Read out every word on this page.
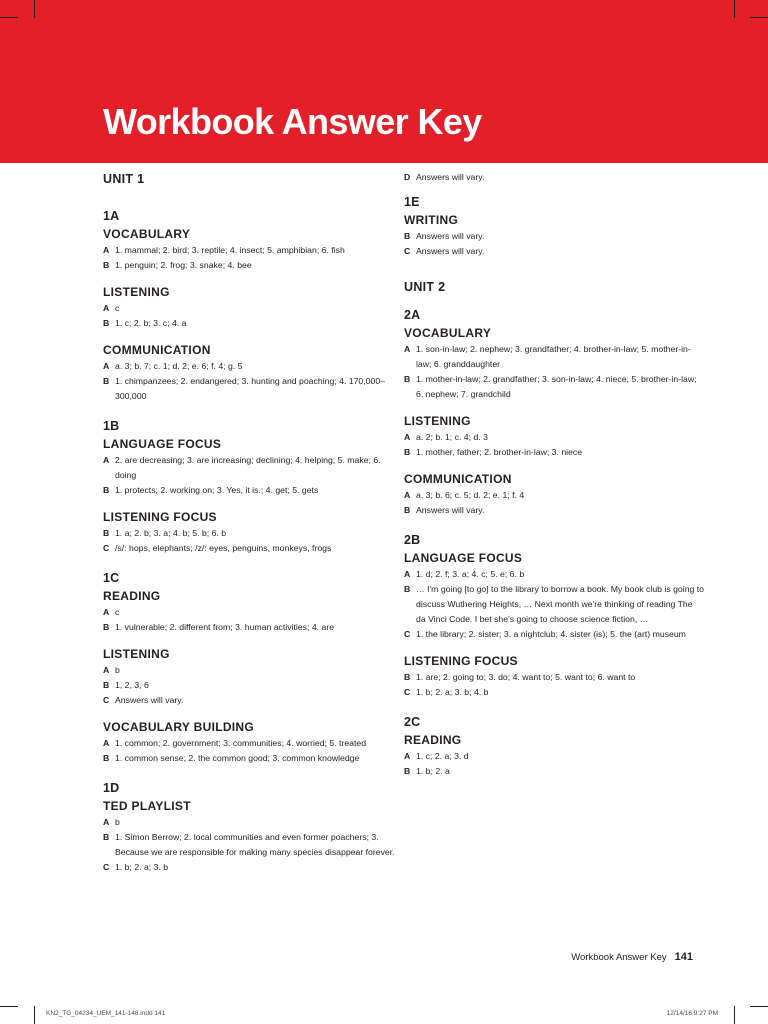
Workbook Answer Key

UNIT 1

1A

VOCABULARY

A 1. mammal; 2. bird; 3. reptile; 4. insect; 5. amphibian; 6. fish

B 1. penguin; 2. frog; 3. snake; 4. bee

LISTENING

A c

B 1. c; 2. b; 3. c; 4. a

COMMUNICATION

A a. 3; b. 7; c. 1; d. 2; e. 6; f. 4; g. 5

B 1. chimpanzees; 2. endangered; 3. hunting and poaching; 4. 170,000–300,000

1B

LANGUAGE FOCUS

A 2. are decreasing; 3. are increasing; declining; 4. helping; 5. make; 6. doing

B 1. protects; 2. working on; 3. Yes, it is.; 4. get; 5. gets

LISTENING FOCUS

B 1. a; 2. b; 3. a; 4. b; 5. b; 6. b

C /s/: hops, elephants; /z/: eyes, penguins, monkeys, frogs

1C

READING

A c

B 1. vulnerable; 2. different from; 3. human activities; 4. are

LISTENING

A b

B 1, 2, 3, 6

C Answers will vary.

VOCABULARY BUILDING

A 1. common; 2. government; 3. communities; 4. worried; 5. treated

B 1. common sense; 2. the common good; 3. common knowledge

1D

TED PLAYLIST

A b

B 1. Simon Berrow; 2. local communities and even former poachers; 3. Because we are responsible for making many species disappear forever.

C 1. b; 2. a; 3. b

D Answers will vary.

1E

WRITING

B Answers will vary.

C Answers will vary.

UNIT 2

2A

VOCABULARY

A 1. son-in-law; 2. nephew; 3. grandfather; 4. brother-in-law; 5. mother-in-law; 6. granddaughter

B 1. mother-in-law; 2. grandfather; 3. son-in-law; 4. niece; 5. brother-in-law; 6. nephew; 7. grandchild

LISTENING

A a. 2; b. 1; c. 4; d. 3

B 1. mother, father; 2. brother-in-law; 3. niece

COMMUNICATION

A a. 3; b. 6; c. 5; d. 2; e. 1; f. 4

B Answers will vary.

2B

LANGUAGE FOCUS

A 1. d; 2. f; 3. a; 4. c; 5. e; 6. b

B … I'm going [to go] to the library to borrow a book. My book club is going to discuss Wuthering Heights, … Next month we're thinking of reading The da Vinci Code. I bet she's going to choose science fiction, …

C 1. the library; 2. sister; 3. a nightclub; 4. sister (is); 5. the (art) museum

LISTENING FOCUS

B 1. are; 2. going to; 3. do; 4. want to; 5. want to; 6. want to

C 1. b; 2. a; 3. b; 4. b

2C

READING

A 1. c; 2. a; 3. d

B 1. b; 2. a

Workbook Answer Key 141
KN2_TG_04234_UEM_141-148.indd 141	12/14/16 9:27 PM
